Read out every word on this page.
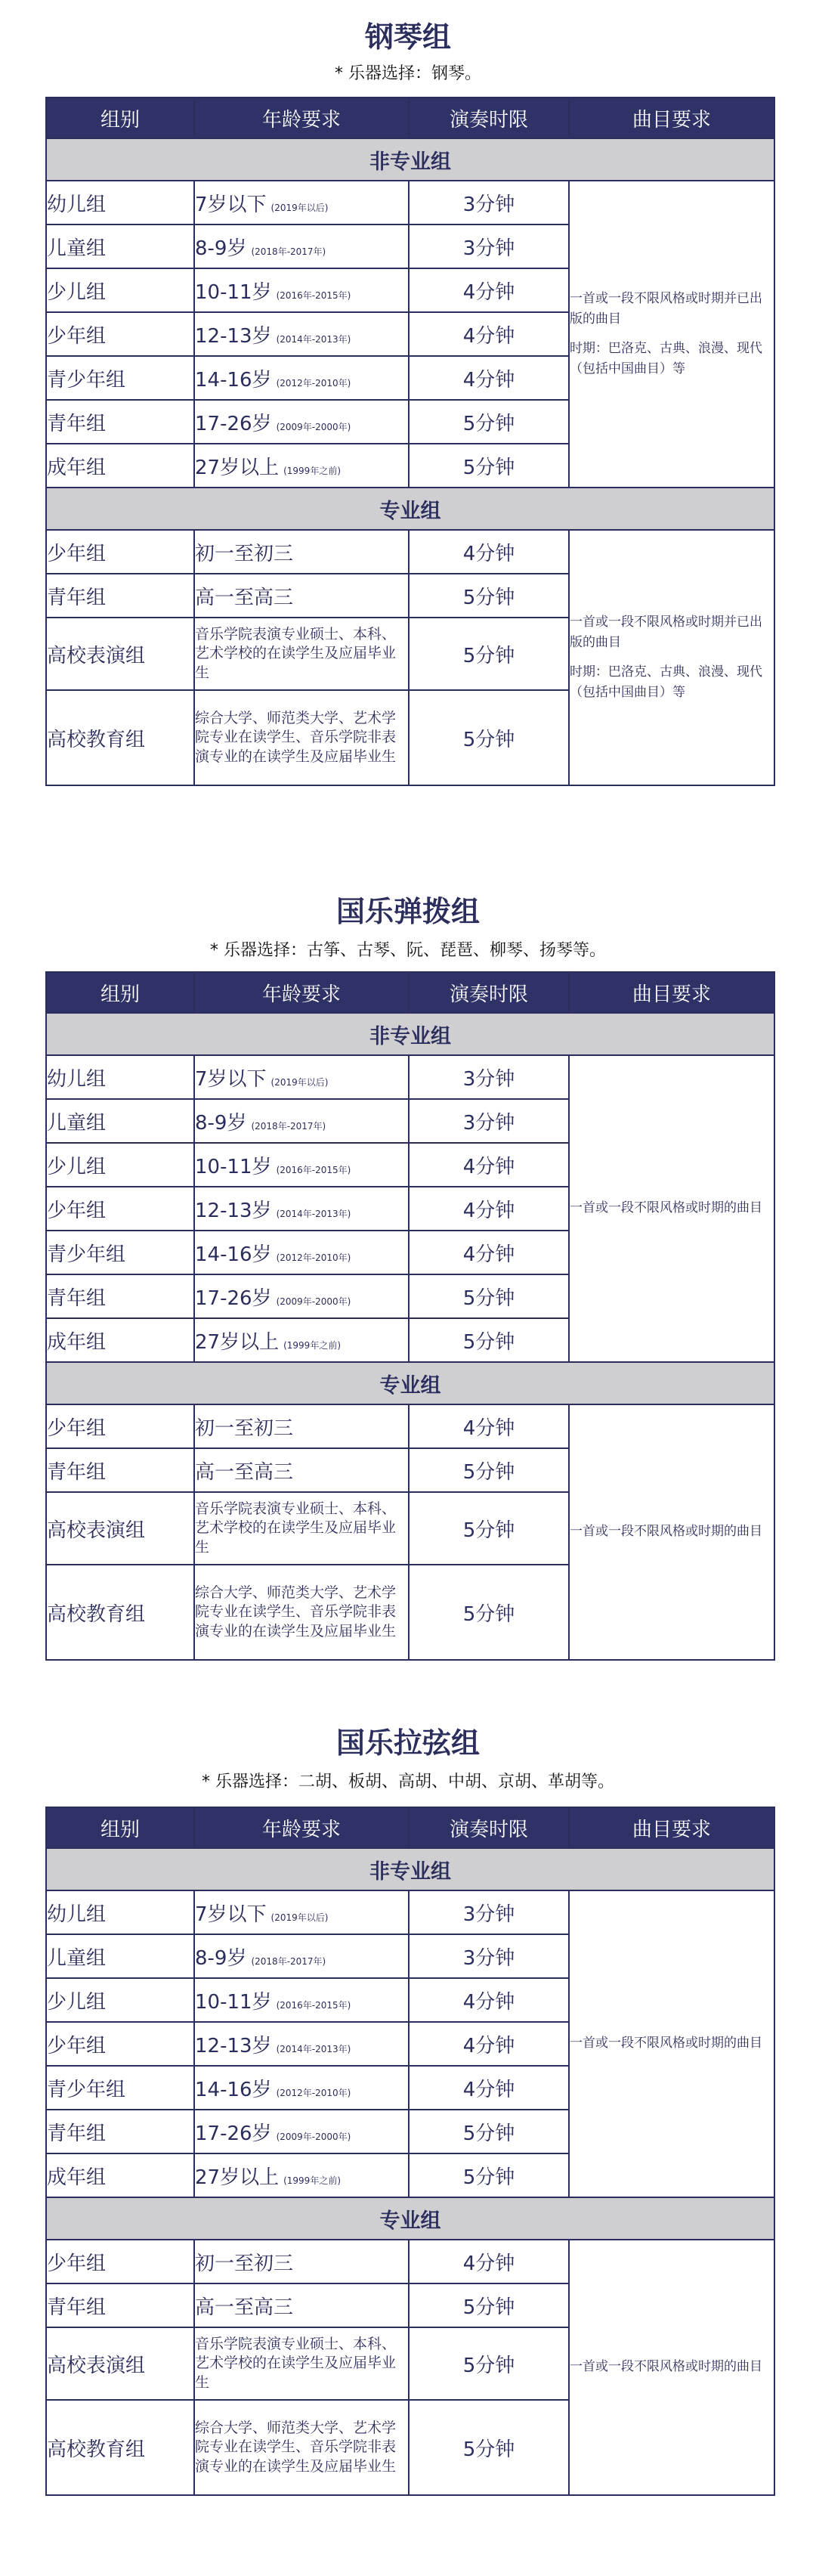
钢琴组
* 乐器选择：钢琴。
组别	年龄要求	演奏时限	曲目要求
非专业组			
幼儿组	7岁以下 (2019年以后)	3分钟	一首或一段不限风格或时期并已出版的曲目

时期：巴洛克、古典、浪漫、现代（包括中国曲目）等

儿童组	8-9岁 (2018年-2017年)	3分钟	
少儿组	10-11岁 (2016年-2015年)	4分钟	
少年组	12-13岁 (2014年-2013年)	4分钟	
青少年组	14-16岁 (2012年-2010年)	4分钟	
青年组	17-26岁 (2009年-2000年)	5分钟	
成年组	27岁以上 (1999年之前)	5分钟	
专业组			
少年组	初一至初三	4分钟	一首或一段不限风格或时期并已出版的曲目

时期：巴洛克、古典、浪漫、现代（包括中国曲目）等

青年组	高一至高三	5分钟	
高校表演组	音乐学院表演专业硕士、本科、艺术学校的在读学生及应届毕业生	5分钟	
高校教育组	综合大学、师范类大学、艺术学院专业在读学生、音乐学院非表演专业的在读学生及应届毕业生	5分钟	
国乐弹拨组
* 乐器选择：古筝、古琴、阮、琵琶、柳琴、扬琴等。
组别	年龄要求	演奏时限	曲目要求
非专业组			
幼儿组	7岁以下 (2019年以后)	3分钟	一首或一段不限风格或时期的曲目

儿童组	8-9岁 (2018年-2017年)	3分钟	
少儿组	10-11岁 (2016年-2015年)	4分钟	
少年组	12-13岁 (2014年-2013年)	4分钟	
青少年组	14-16岁 (2012年-2010年)	4分钟	
青年组	17-26岁 (2009年-2000年)	5分钟	
成年组	27岁以上 (1999年之前)	5分钟	
专业组			
少年组	初一至初三	4分钟	一首或一段不限风格或时期的曲目

青年组	高一至高三	5分钟	
高校表演组	音乐学院表演专业硕士、本科、艺术学校的在读学生及应届毕业生	5分钟	
高校教育组	综合大学、师范类大学、艺术学院专业在读学生、音乐学院非表演专业的在读学生及应届毕业生	5分钟	
国乐拉弦组
* 乐器选择：二胡、板胡、高胡、中胡、京胡、革胡等。
组别	年龄要求	演奏时限	曲目要求
非专业组			
幼儿组	7岁以下 (2019年以后)	3分钟	一首或一段不限风格或时期的曲目

儿童组	8-9岁 (2018年-2017年)	3分钟	
少儿组	10-11岁 (2016年-2015年)	4分钟	
少年组	12-13岁 (2014年-2013年)	4分钟	
青少年组	14-16岁 (2012年-2010年)	4分钟	
青年组	17-26岁 (2009年-2000年)	5分钟	
成年组	27岁以上 (1999年之前)	5分钟	
专业组			
少年组	初一至初三	4分钟	一首或一段不限风格或时期的曲目

青年组	高一至高三	5分钟	
高校表演组	音乐学院表演专业硕士、本科、艺术学校的在读学生及应届毕业生	5分钟	
高校教育组	综合大学、师范类大学、艺术学院专业在读学生、音乐学院非表演专业的在读学生及应届毕业生	5分钟	
